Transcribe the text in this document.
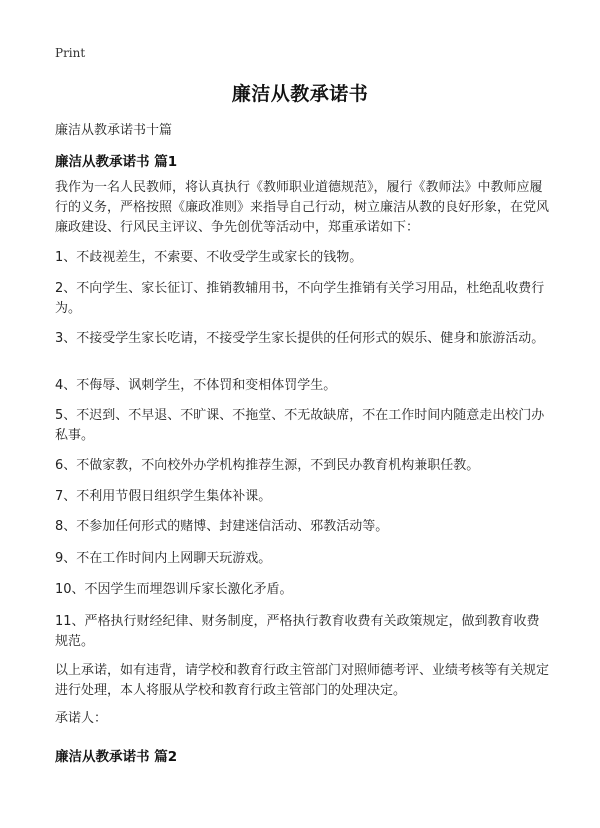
Print
廉洁从教承诺书
廉洁从教承诺书十篇
廉洁从教承诺书 篇1
我作为一名人民教师，将认真执行《教师职业道德规范》，履行《教师法》中教师应履行的义务，严格按照《廉政准则》来指导自己行动，树立廉洁从教的良好形象，在党风廉政建设、行风民主评议、争先创优等活动中，郑重承诺如下：
1、不歧视差生，不索要、不收受学生或家长的钱物。
2、不向学生、家长征订、推销教辅用书，不向学生推销有关学习用品，杜绝乱收费行为。
3、不接受学生家长吃请，不接受学生家长提供的任何形式的娱乐、健身和旅游活动。
4、不侮辱、讽刺学生，不体罚和变相体罚学生。
5、不迟到、不早退、不旷课、不拖堂、不无故缺席，不在工作时间内随意走出校门办私事。
6、不做家教，不向校外办学机构推荐生源，不到民办教育机构兼职任教。
7、不利用节假日组织学生集体补课。
8、不参加任何形式的赌博、封建迷信活动、邪教活动等。
9、不在工作时间内上网聊天玩游戏。
10、不因学生而埋怨训斥家长激化矛盾。
11、严格执行财经纪律、财务制度，严格执行教育收费有关政策规定，做到教育收费规范。
以上承诺，如有违背，请学校和教育行政主管部门对照师德考评、业绩考核等有关规定进行处理，本人将服从学校和教育行政主管部门的处理决定。
承诺人：
廉洁从教承诺书 篇2
